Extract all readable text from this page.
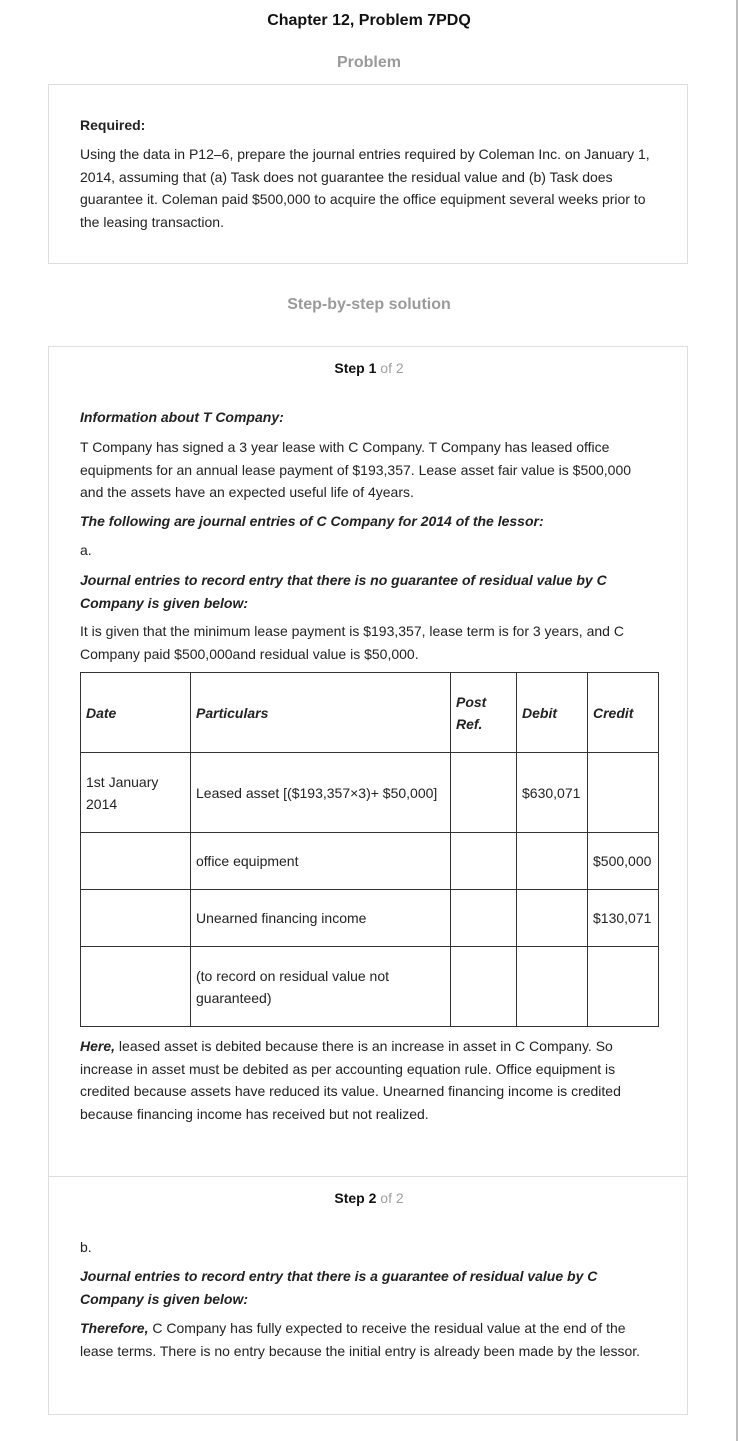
Chapter 12, Problem 7PDQ
Problem
Required:
Using the data in P12–6, prepare the journal entries required by Coleman Inc. on January 1, 2014, assuming that (a) Task does not guarantee the residual value and (b) Task does guarantee it. Coleman paid $500,000 to acquire the office equipment several weeks prior to the leasing transaction.
Step-by-step solution
Step 1 of 2
Information about T Company:
T Company has signed a 3 year lease with C Company. T Company has leased office equipments for an annual lease payment of $193,357. Lease asset fair value is $500,000 and the assets have an expected useful life of 4years.
The following are journal entries of C Company for 2014 of the lessor:
a.
Journal entries to record entry that there is no guarantee of residual value by C Company is given below:
It is given that the minimum lease payment is $193,357, lease term is for 3 years, and C Company paid $500,000and residual value is $50,000.
Date	Particulars	Post Ref.	Debit	Credit
1st January 2014	Leased asset [($193,357×3)+ $50,000]		$630,071	
	office equipment			$500,000
	Unearned financing income			$130,071
	(to record on residual value not guaranteed)			
Here, leased asset is debited because there is an increase in asset in C Company. So increase in asset must be debited as per accounting equation rule. Office equipment is credited because assets have reduced its value. Unearned financing income is credited because financing income has received but not realized.
Step 2 of 2
b.
Journal entries to record entry that there is a guarantee of residual value by C Company is given below:
Therefore, C Company has fully expected to receive the residual value at the end of the lease terms. There is no entry because the initial entry is already been made by the lessor.
